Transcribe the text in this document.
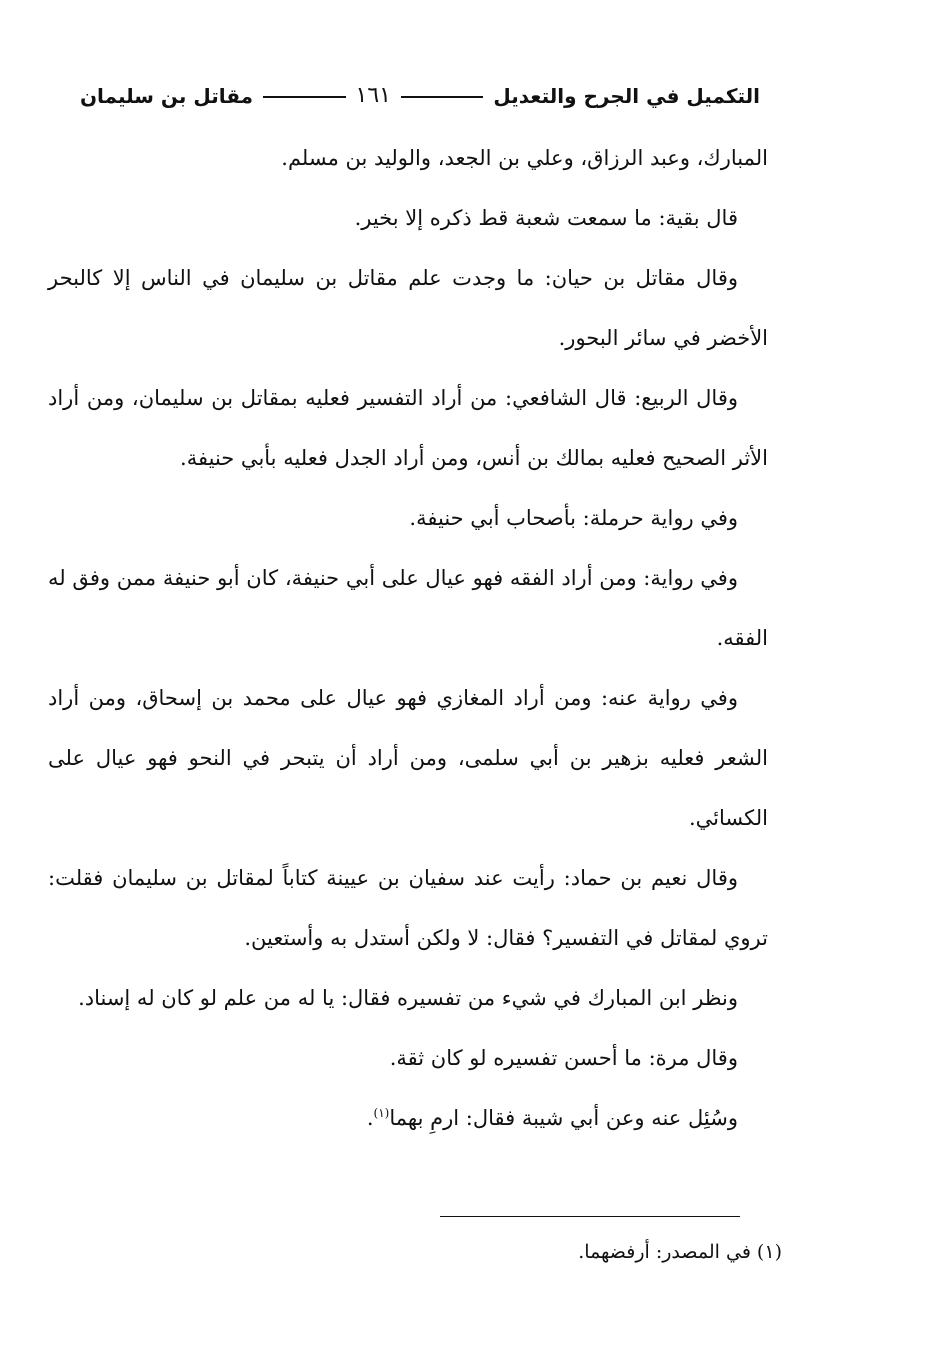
التكميل في الجرح والتعديل
١٦١
مقاتل بن سليمان

المبارك، وعبد الرزاق، وعلي بن الجعد، والوليد بن مسلم.

قال بقية: ما سمعت شعبة قط ذكره إلا بخير.

وقال مقاتل بن حيان: ما وجدت علم مقاتل بن سليمان في الناس إلا كالبحر الأخضر في سائر البحور.

وقال الربيع: قال الشافعي: من أراد التفسير فعليه بمقاتل بن سليمان، ومن أراد الأثر الصحيح فعليه بمالك بن أنس، ومن أراد الجدل فعليه بأبي حنيفة.

وفي رواية حرملة: بأصحاب أبي حنيفة.

وفي رواية: ومن أراد الفقه فهو عيال على أبي حنيفة، كان أبو حنيفة ممن وفق له الفقه.

وفي رواية عنه: ومن أراد المغازي فهو عيال على محمد بن إسحاق، ومن أراد الشعر فعليه بزهير بن أبي سلمى، ومن أراد أن يتبحر في النحو فهو عيال على الكسائي.

وقال نعيم بن حماد: رأيت عند سفيان بن عيينة كتاباً لمقاتل بن سليمان فقلت: تروي لمقاتل في التفسير؟ فقال: لا ولكن أستدل به وأستعين.

ونظر ابن المبارك في شيء من تفسيره فقال: يا له من علم لو كان له إسناد.

وقال مرة: ما أحسن تفسيره لو كان ثقة.

وسُئِل عنه وعن أبي شيبة فقال: ارمِ بهما$^{(١)}$.

(١) في المصدر: أرفضهما.
